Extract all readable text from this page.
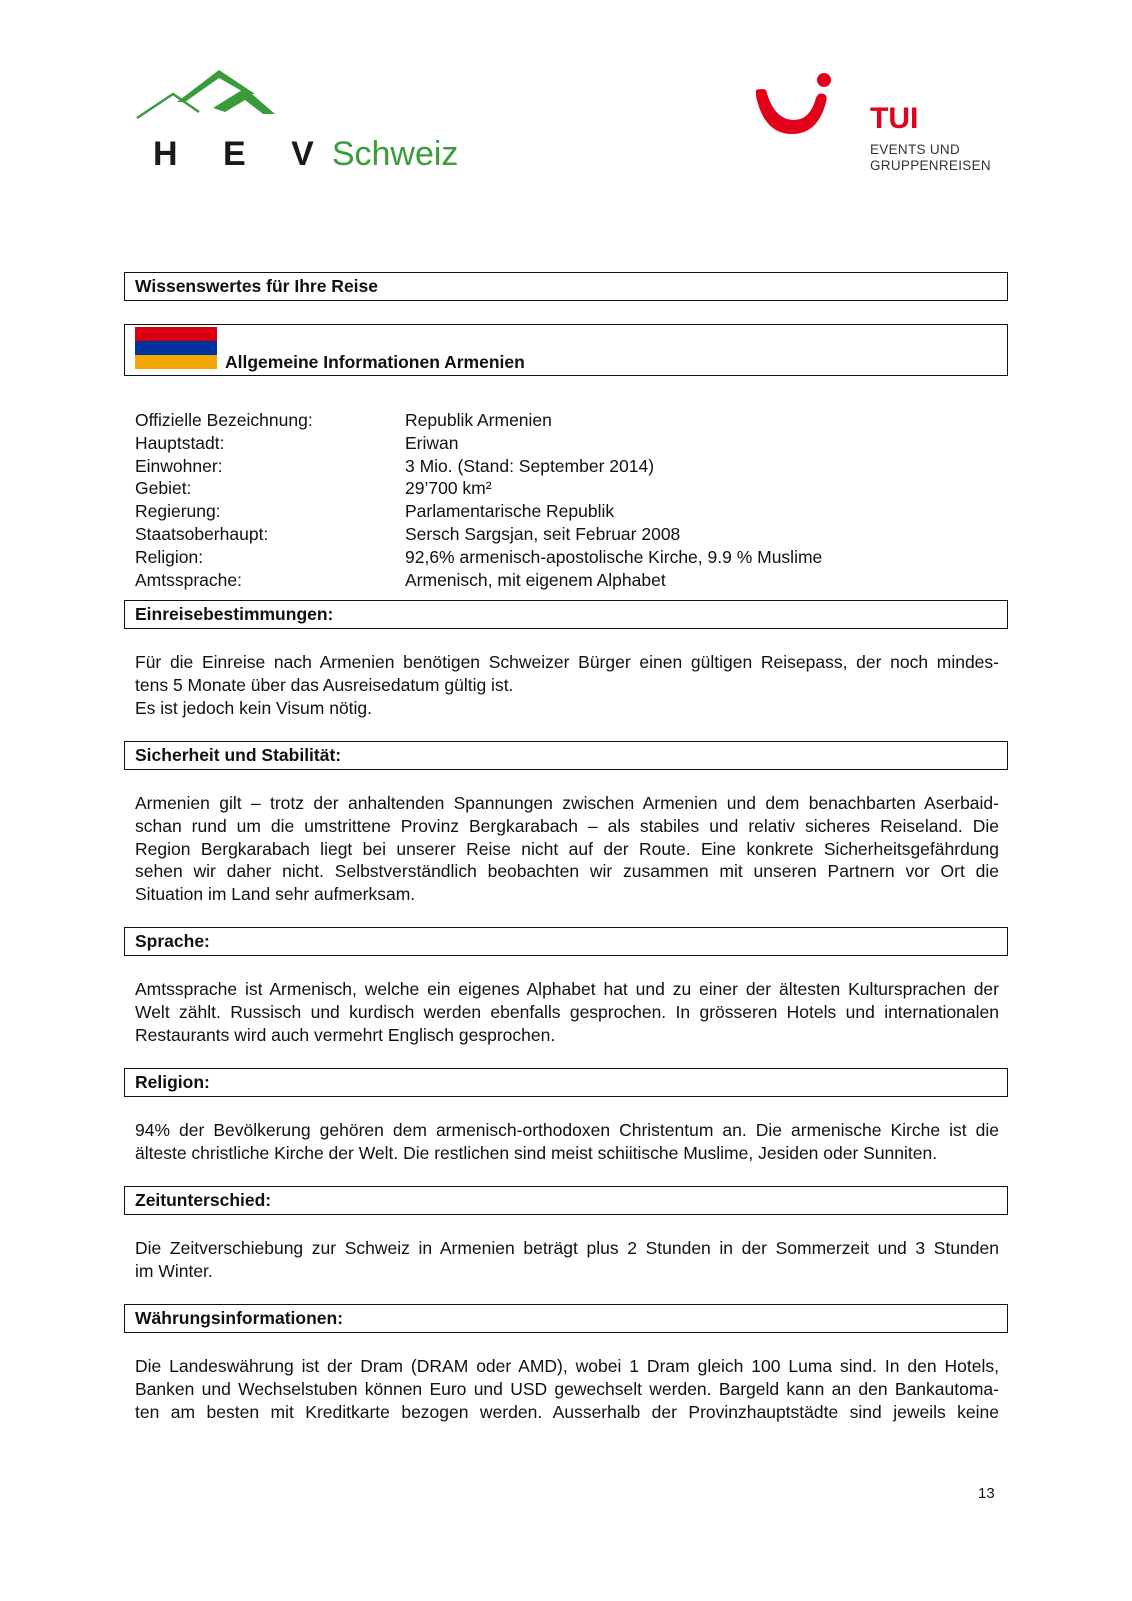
H E VSchweiz
TUI
EVENTS UND
GRUPPENREISEN
Wissenswertes für Ihre Reise
Allgemeine Informationen Armenien
Offizielle Bezeichnung:	Republik Armenien
Hauptstadt:	Eriwan
Einwohner:	3 Mio. (Stand: September 2014)
Gebiet:	29’700 km²
Regierung:	Parlamentarische Republik
Staatsoberhaupt:	Sersch Sargsjan, seit Februar 2008
Religion:	92,6% armenisch-apostolische Kirche, 9.9 % Muslime
Amtssprache:	Armenisch, mit eigenem Alphabet
Einreisebestimmungen:
Für die Einreise nach Armenien benötigen Schweizer Bürger einen gültigen Reisepass, der noch mindes-
tens 5 Monate über das Ausreisedatum gültig ist.
Es ist jedoch kein Visum nötig.
Sicherheit und Stabilität:
Armenien gilt – trotz der anhaltenden Spannungen zwischen Armenien und dem benachbarten Aserbaid-
schan rund um die umstrittene Provinz Bergkarabach – als stabiles und relativ sicheres Reiseland. Die
Region Bergkarabach liegt bei unserer Reise nicht auf der Route. Eine konkrete Sicherheitsgefährdung
sehen wir daher nicht. Selbstverständlich beobachten wir zusammen mit unseren Partnern vor Ort die
Situation im Land sehr aufmerksam.
Sprache:
Amtssprache ist Armenisch, welche ein eigenes Alphabet hat und zu einer der ältesten Kultursprachen der
Welt zählt. Russisch und kurdisch werden ebenfalls gesprochen. In grösseren Hotels und internationalen
Restaurants wird auch vermehrt Englisch gesprochen.
Religion:
94% der Bevölkerung gehören dem armenisch-orthodoxen Christentum an. Die armenische Kirche ist die
älteste christliche Kirche der Welt. Die restlichen sind meist schiitische Muslime, Jesiden oder Sunniten.
Zeitunterschied:
Die Zeitverschiebung zur Schweiz in Armenien beträgt plus 2 Stunden in der Sommerzeit und 3 Stunden
im Winter.
Währungsinformationen:
Die Landeswährung ist der Dram (DRAM oder AMD), wobei 1 Dram gleich 100 Luma sind. In den Hotels,
Banken und Wechselstuben können Euro und USD gewechselt werden. Bargeld kann an den Bankautoma-
ten am besten mit Kreditkarte bezogen werden. Ausserhalb der Provinzhauptstädte sind jeweils keine
13
